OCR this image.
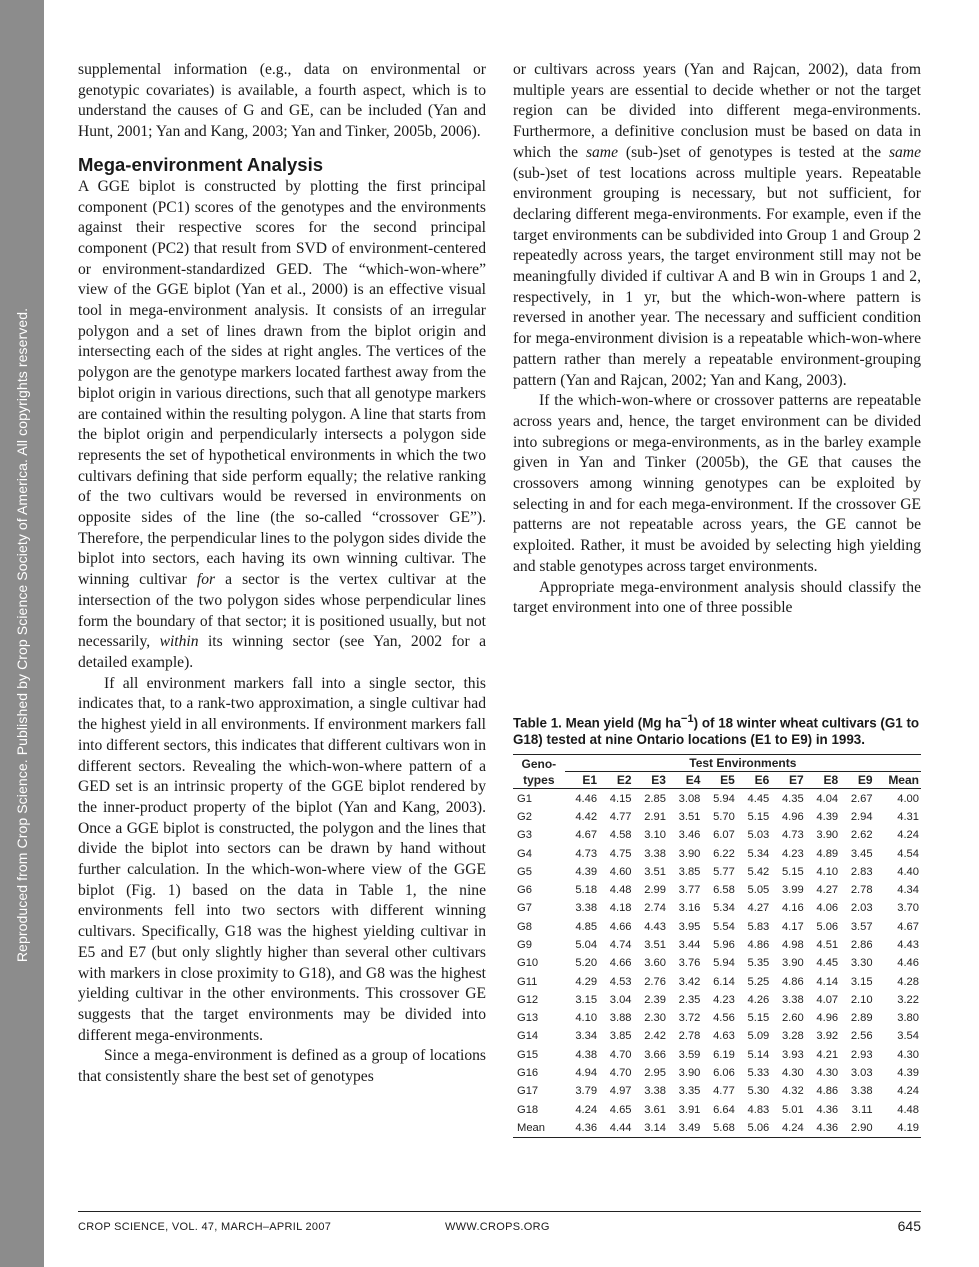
Reproduced from Crop Science. Published by Crop Science Society of America. All copyrights reserved.

supplemental information (e.g., data on environmental or genotypic covariates) is available, a fourth aspect, which is to understand the causes of G and GE, can be included (Yan and Hunt, 2001; Yan and Kang, 2003; Yan and Tinker, 2005b, 2006).

Mega-environment Analysis

A GGE biplot is constructed by plotting the first principal component (PC1) scores of the genotypes and the environments against their respective scores for the second principal component (PC2) that result from SVD of environment-centered or environment-standardized GED. The “which-won-where” view of the GGE biplot (Yan et al., 2000) is an effective visual tool in mega-environment analysis. It consists of an irregular polygon and a set of lines drawn from the biplot origin and intersecting each of the sides at right angles. The vertices of the polygon are the genotype markers located farthest away from the biplot origin in various directions, such that all genotype markers are contained within the resulting polygon. A line that starts from the biplot origin and perpendicularly intersects a polygon side represents the set of hypothetical environments in which the two cultivars defining that side perform equally; the relative ranking of the two cultivars would be reversed in environments on opposite sides of the line (the so-called “crossover GE”). Therefore, the perpendicular lines to the polygon sides divide the biplot into sectors, each having its own winning cultivar. The winning cultivar for a sector is the vertex cultivar at the intersection of the two polygon sides whose perpendicular lines form the boundary of that sector; it is positioned usually, but not necessarily, within its winning sector (see Yan, 2002 for a detailed example).

If all environment markers fall into a single sector, this indicates that, to a rank-two approximation, a single cultivar had the highest yield in all environments. If environment markers fall into different sectors, this indicates that different cultivars won in different sectors. Revealing the which-won-where pattern of a GED set is an intrinsic property of the GGE biplot rendered by the inner-product property of the biplot (Yan and Kang, 2003). Once a GGE biplot is constructed, the polygon and the lines that divide the biplot into sectors can be drawn by hand without further calculation. In the which-won-where view of the GGE biplot (Fig. 1) based on the data in Table 1, the nine environments fell into two sectors with different winning cultivars. Specifically, G18 was the highest yielding cultivar in E5 and E7 (but only slightly higher than several other cultivars with markers in close proximity to G18), and G8 was the highest yielding cultivar in the other environments. This crossover GE suggests that the target environments may be divided into different mega-environments.

Since a mega-environment is defined as a group of locations that consistently share the best set of genotypes

or cultivars across years (Yan and Rajcan, 2002), data from multiple years are essential to decide whether or not the target region can be divided into different mega-environments. Furthermore, a definitive conclusion must be based on data in which the same (sub-)set of genotypes is tested at the same (sub-)set of test locations across multiple years. Repeatable environment grouping is necessary, but not sufficient, for declaring different mega-environments. For example, even if the target environments can be subdivided into Group 1 and Group 2 repeatedly across years, the target environment still may not be meaningfully divided if cultivar A and B win in Groups 1 and 2, respectively, in 1 yr, but the which-won-where pattern is reversed in another year. The necessary and sufficient condition for mega-environment division is a repeatable which-won-where pattern rather than merely a repeatable environment-grouping pattern (Yan and Rajcan, 2002; Yan and Kang, 2003).

If the which-won-where or crossover patterns are repeatable across years and, hence, the target environment can be divided into subregions or mega-environments, as in the barley example given in Yan and Tinker (2005b), the GE that causes the crossovers among winning genotypes can be exploited by selecting in and for each mega-environment. If the crossover GE patterns are not repeatable across years, the GE cannot be exploited. Rather, it must be avoided by selecting high yielding and stable genotypes across target environments.

Appropriate mega-environment analysis should classify the target environment into one of three possible

Table 1. Mean yield (Mg $ha^{-1}$) of 18 winter wheat cultivars (G1 to G18) tested at nine Ontario locations (E1 to E9) in 1993.
Geno-	Test Environments									
types	E1	E2	E3	E4	E5	E6	E7	E8	E9	Mean
G1	4.46	4.15	2.85	3.08	5.94	4.45	4.35	4.04	2.67	4.00
G2	4.42	4.77	2.91	3.51	5.70	5.15	4.96	4.39	2.94	4.31
G3	4.67	4.58	3.10	3.46	6.07	5.03	4.73	3.90	2.62	4.24
G4	4.73	4.75	3.38	3.90	6.22	5.34	4.23	4.89	3.45	4.54
G5	4.39	4.60	3.51	3.85	5.77	5.42	5.15	4.10	2.83	4.40
G6	5.18	4.48	2.99	3.77	6.58	5.05	3.99	4.27	2.78	4.34
G7	3.38	4.18	2.74	3.16	5.34	4.27	4.16	4.06	2.03	3.70
G8	4.85	4.66	4.43	3.95	5.54	5.83	4.17	5.06	3.57	4.67
G9	5.04	4.74	3.51	3.44	5.96	4.86	4.98	4.51	2.86	4.43
G10	5.20	4.66	3.60	3.76	5.94	5.35	3.90	4.45	3.30	4.46
G11	4.29	4.53	2.76	3.42	6.14	5.25	4.86	4.14	3.15	4.28
G12	3.15	3.04	2.39	2.35	4.23	4.26	3.38	4.07	2.10	3.22
G13	4.10	3.88	2.30	3.72	4.56	5.15	2.60	4.96	2.89	3.80
G14	3.34	3.85	2.42	2.78	4.63	5.09	3.28	3.92	2.56	3.54
G15	4.38	4.70	3.66	3.59	6.19	5.14	3.93	4.21	2.93	4.30
G16	4.94	4.70	2.95	3.90	6.06	5.33	4.30	4.30	3.03	4.39
G17	3.79	4.97	3.38	3.35	4.77	5.30	4.32	4.86	3.38	4.24
G18	4.24	4.65	3.61	3.91	6.64	4.83	5.01	4.36	3.11	4.48
Mean	4.36	4.44	3.14	3.49	5.68	5.06	4.24	4.36	2.90	4.19
CROP SCIENCE, VOL. 47, MARCH–APRIL 2007	WWW.CROPS.ORG	645
